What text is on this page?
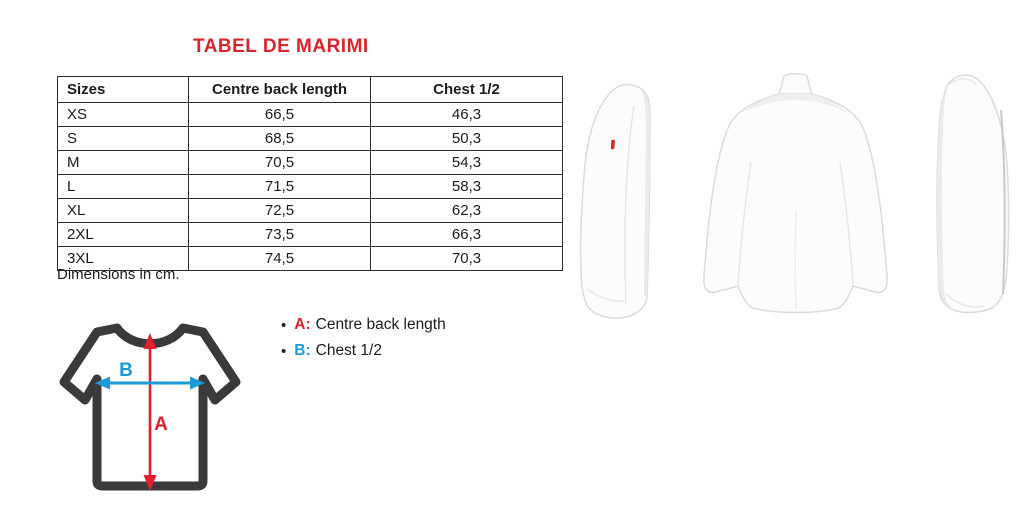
TABEL DE MARIMI
Sizes	Centre back length	Chest 1/2
XS	66,5	46,3
S	68,5	50,3
M	70,5	54,3
L	71,5	58,3
XL	72,5	62,3
2XL	73,5	66,3
3XL	74,5	70,3
Dimensions in cm.
B
A
• A: Centre back length
• B: Chest 1/2
